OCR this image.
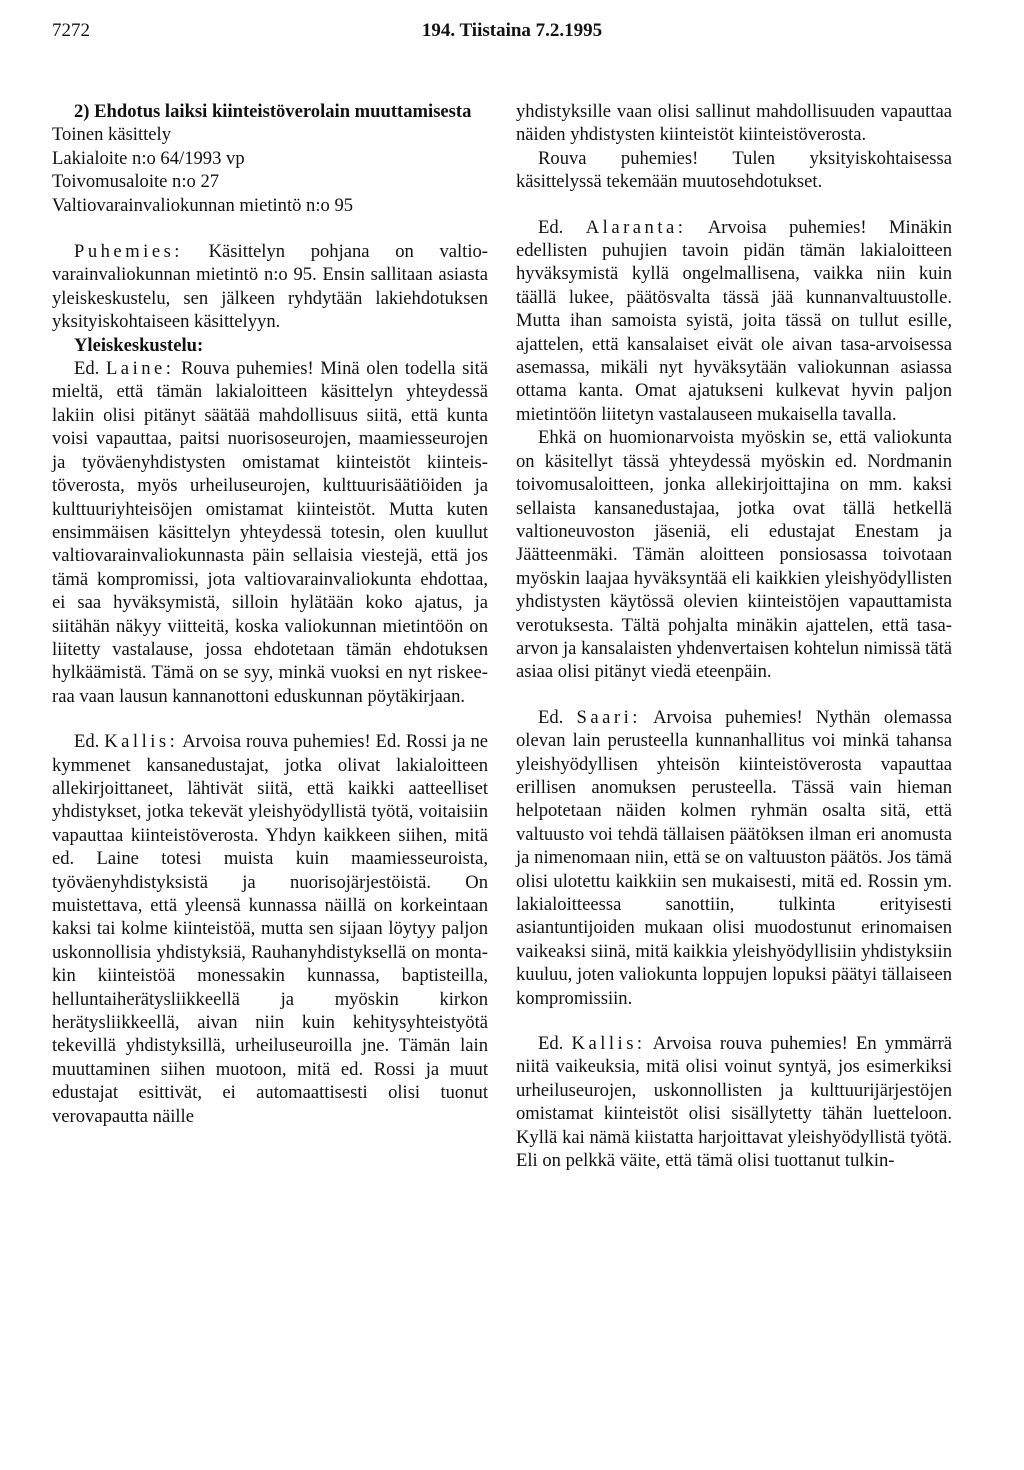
7272	194. Tiistaina 7.2.1995

2) Ehdotus laiksi kiinteistöverolain muuttamisesta

Toinen käsittely
Lakialoite n:o 64/1993 vp
Toivomusaloite n:o 27
Valtiovarainvaliokunnan mietintö n:o 95

Puhemies: Käsittelyn pohjana on valtiovarainvaliokunnan mietintö n:o 95. Ensin sallitaan asiasta yleiskeskustelu, sen jälkeen ryhdytään lakiehdotuksen yksityiskohtaiseen käsittelyyn.

Yleiskeskustelu:

Ed. Laine: Rouva puhemies! Minä olen todella sitä mieltä, että tämän lakialoitteen käsittelyn yhteydessä lakiin olisi pitänyt säätää mahdollisuus siitä, että kunta voisi vapauttaa, paitsi nuorisoseurojen, maamiesseurojen ja työväenyhdistysten omistamat kiinteistöt kiinteistöverosta, myös urheiluseurojen, kulttuurisäätiöiden ja kulttuuriyhteisöjen omistamat kiinteistöt. Mutta kuten ensimmäisen käsittelyn yhteydessä totesin, olen kuullut valtiovarainvaliokunnasta päin sellaisia viestejä, että jos tämä kompromissi, jota valtiovarainvaliokunta ehdottaa, ei saa hyväksymistä, silloin hylätään koko ajatus, ja siitähän näkyy viitteitä, koska valiokunnan mietintöön on liitetty vastalause, jossa ehdotetaan tämän ehdotuksen hylkäämistä. Tämä on se syy, minkä vuoksi en nyt riskeeraa vaan lausun kannanottoni eduskunnan pöytäkirjaan.

Ed. Kallis: Arvoisa rouva puhemies! Ed. Rossi ja ne kymmenet kansanedustajat, jotka olivat lakialoitteen allekirjoittaneet, lähtivät siitä, että kaikki aatteelliset yhdistykset, jotka tekevät yleishyödyllistä työtä, voitaisiin vapauttaa kiinteistöverosta. Yhdyn kaikkeen siihen, mitä ed. Laine totesi muista kuin maamiesseuroista, työväenyhdistyksistä ja nuorisojärjestöistä. On muistettava, että yleensä kunnassa näillä on korkeintaan kaksi tai kolme kiinteistöä, mutta sen sijaan löytyy paljon uskonnollisia yhdistyksiä, Rauhanyhdistyksellä on montakin kiinteistöä monessakin kunnassa, baptisteilla, helluntaiherätysliikkeellä ja myöskin kirkon herätysliikkeellä, aivan niin kuin kehitysyhteistyötä tekevillä yhdistyksillä, urheiluseuroilla jne. Tämän lain muuttaminen siihen muotoon, mitä ed. Rossi ja muut edustajat esittivät, ei automaattisesti olisi tuonut verovapautta näille

yhdistyksille vaan olisi sallinut mahdollisuuden vapauttaa näiden yhdistysten kiinteistöt kiinteistöverosta.

Rouva puhemies! Tulen yksityiskohtaisessa käsittelyssä tekemään muutosehdotukset.

Ed. Alaranta: Arvoisa puhemies! Minäkin edellisten puhujien tavoin pidän tämän lakialoitteen hyväksymistä kyllä ongelmallisena, vaikka niin kuin täällä lukee, päätösvalta tässä jää kunnanvaltuustolle. Mutta ihan samoista syistä, joita tässä on tullut esille, ajattelen, että kansalaiset eivät ole aivan tasa-arvoisessa asemassa, mikäli nyt hyväksytään valiokunnan asiassa ottama kanta. Omat ajatukseni kulkevat hyvin paljon mietintöön liitetyn vastalauseen mukaisella tavalla.

Ehkä on huomionarvoista myöskin se, että valiokunta on käsitellyt tässä yhteydessä myöskin ed. Nordmanin toivomusaloitteen, jonka allekirjoittajina on mm. kaksi sellaista kansanedustajaa, jotka ovat tällä hetkellä valtioneuvoston jäseniä, eli edustajat Enestam ja Jäätteenmäki. Tämän aloitteen ponsiosassa toivotaan myöskin laajaa hyväksyntää eli kaikkien yleishyödyllisten yhdistysten käytössä olevien kiinteistöjen vapauttamista verotuksesta. Tältä pohjalta minäkin ajattelen, että tasa-arvon ja kansalaisten yhdenvertaisen kohtelun nimissä tätä asiaa olisi pitänyt viedä eteenpäin.

Ed. Saari: Arvoisa puhemies! Nythän olemassa olevan lain perusteella kunnanhallitus voi minkä tahansa yleishyödyllisen yhteisön kiinteistöverosta vapauttaa erillisen anomuksen perusteella. Tässä vain hieman helpotetaan näiden kolmen ryhmän osalta sitä, että valtuusto voi tehdä tällaisen päätöksen ilman eri anomusta ja nimenomaan niin, että se on valtuuston päätös. Jos tämä olisi ulotettu kaikkiin sen mukaisesti, mitä ed. Rossin ym. lakialoitteessa sanottiin, tulkinta erityisesti asiantuntijoiden mukaan olisi muodostunut erinomaisen vaikeaksi siinä, mitä kaikkia yleishyödyllisiin yhdistyksiin kuuluu, joten valiokunta loppujen lopuksi päätyi tällaiseen kompromissiin.

Ed. Kallis: Arvoisa rouva puhemies! En ymmärrä niitä vaikeuksia, mitä olisi voinut syntyä, jos esimerkiksi urheiluseurojen, uskonnollisten ja kulttuurijärjestöjen omistamat kiinteistöt olisi sisällytetty tähän luetteloon. Kyllä kai nämä kiistatta harjoittavat yleishyödyllistä työtä. Eli on pelkkä väite, että tämä olisi tuottanut tulkin-
